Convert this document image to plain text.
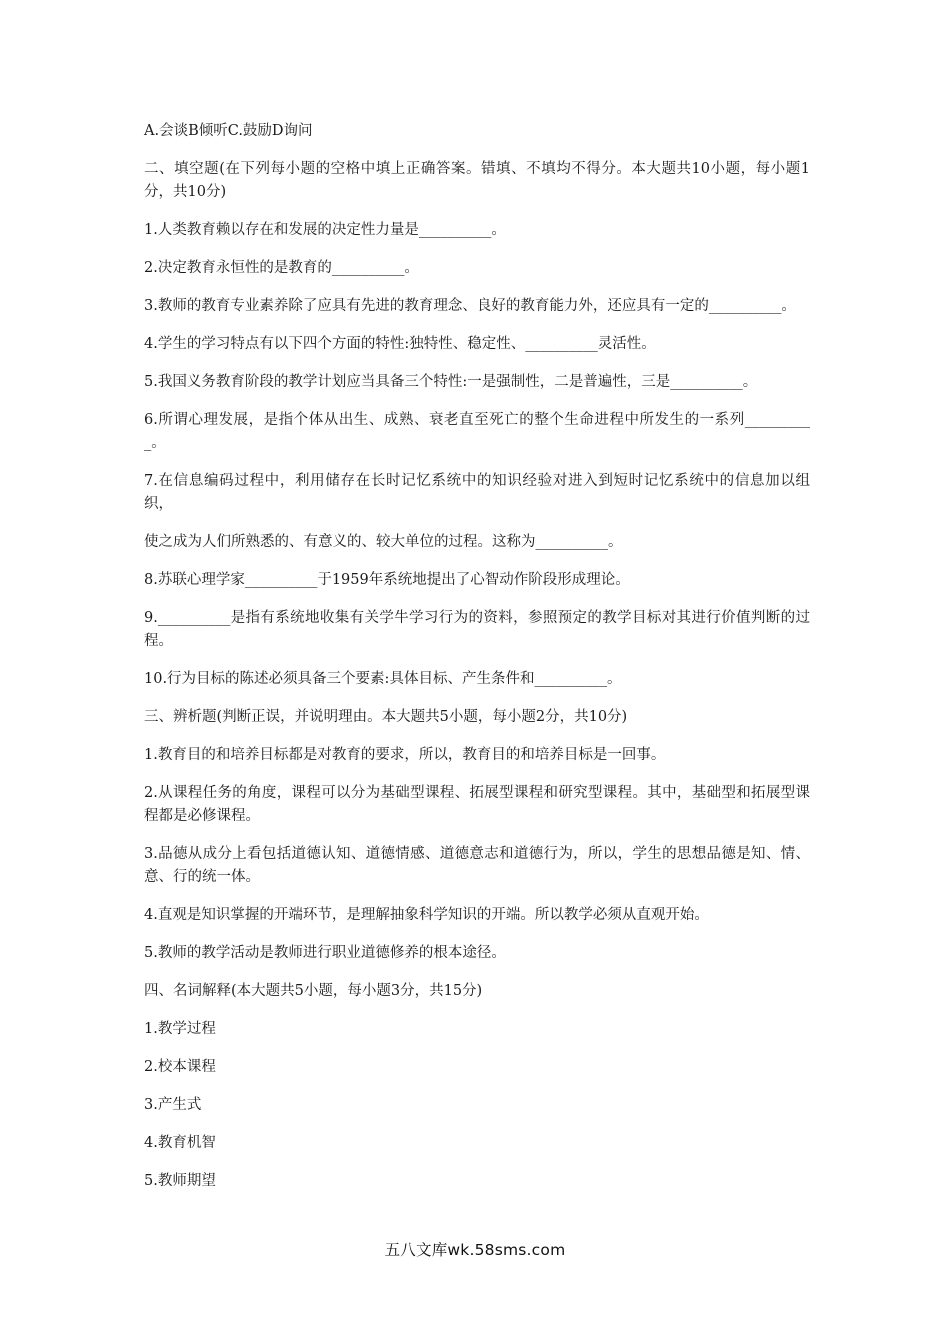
A.会谈B倾听C.鼓励D询问

二、填空题(在下列每小题的空格中填上正确答案。错填、不填均不得分。本大题共10小题，每小题1分，共10分)

1.人类教育赖以存在和发展的决定性力量是__________。

2.决定教育永恒性的是教育的__________。

3.教师的教育专业素养除了应具有先进的教育理念、良好的教育能力外，还应具有一定的__________。

4.学生的学习特点有以下四个方面的特性:独特性、稳定性、__________灵活性。

5.我国义务教育阶段的教学计划应当具备三个特性:一是强制性，二是普遍性，三是__________。

6.所谓心理发展，是指个体从出生、成熟、衰老直至死亡的整个生命进程中所发生的一系列__________。

7.在信息编码过程中，利用储存在长时记忆系统中的知识经验对进入到短时记忆系统中的信息加以组织，

使之成为人们所熟悉的、有意义的、较大单位的过程。这称为__________。

8.苏联心理学家__________于1959年系统地提出了心智动作阶段形成理论。

9.__________是指有系统地收集有关学牛学习行为的资料，参照预定的教学目标对其进行价值判断的过程。

10.行为目标的陈述必须具备三个要素:具体目标、产生条件和__________。

三、辨析题(判断正误，并说明理由。本大题共5小题，每小题2分，共10分)

1.教育目的和培养目标都是对教育的要求，所以，教育目的和培养目标是一回事。

2.从课程任务的角度，课程可以分为基础型课程、拓展型课程和研究型课程。其中，基础型和拓展型课程都是必修课程。

3.品德从成分上看包括道德认知、道德情感、道德意志和道德行为，所以，学生的思想品德是知、情、意、行的统一体。

4.直观是知识掌握的开端环节，是理解抽象科学知识的开端。所以教学必须从直观开始。

5.教师的教学活动是教师进行职业道德修养的根本途径。

四、名词解释(本大题共5小题，每小题3分，共15分)

1.教学过程

2.校本课程

3.产生式

4.教育机智

5.教师期望

五八文库wk.58sms.com
